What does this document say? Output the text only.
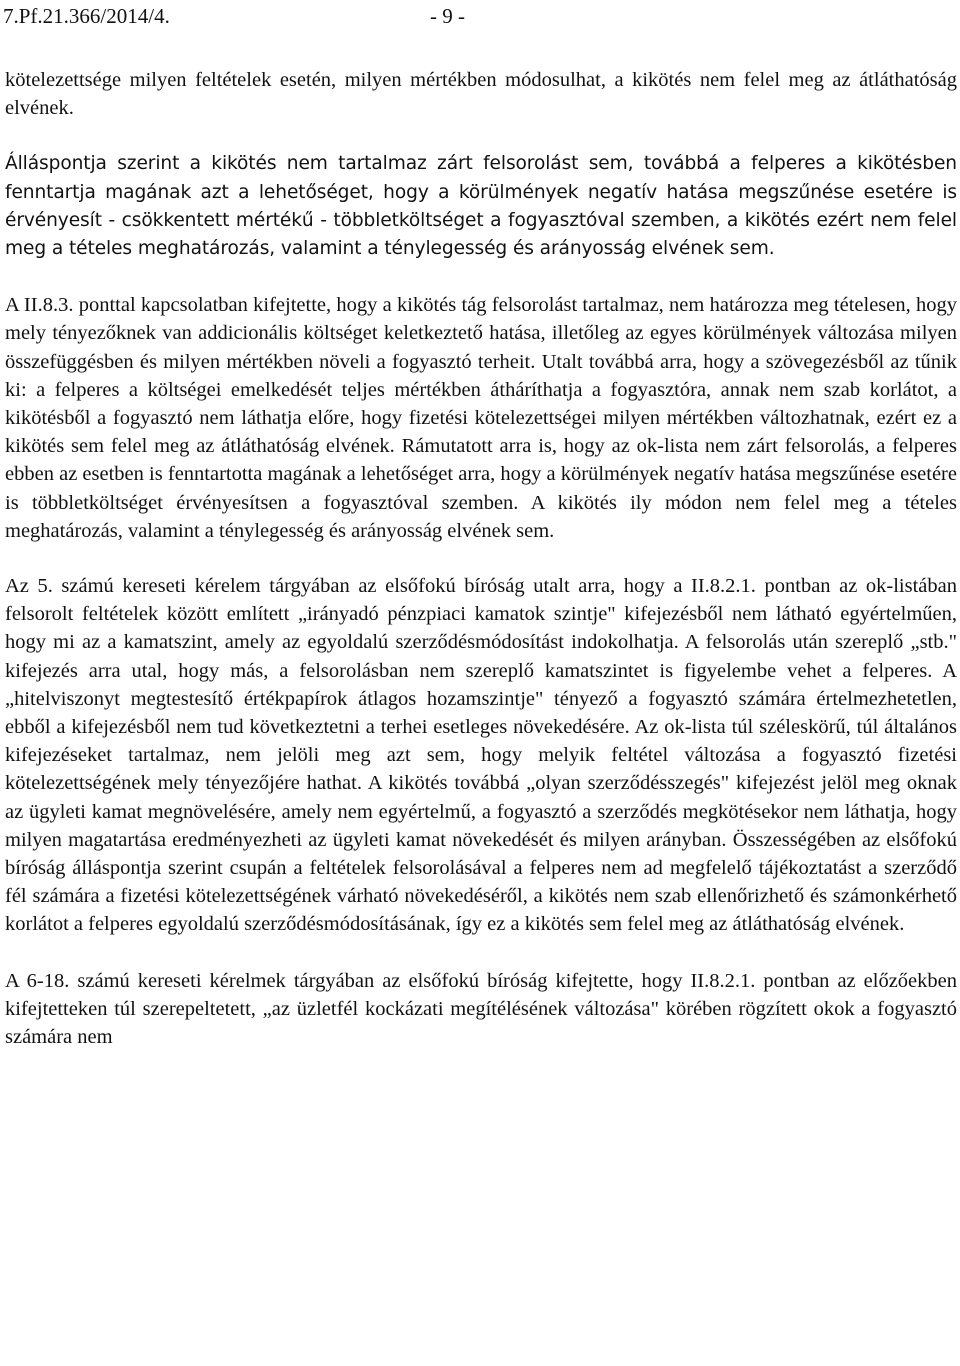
7.Pf.21.366/2014/4.	- 9 -

kötelezettsége milyen feltételek esetén, milyen mértékben módosulhat, a kikötés nem felel meg az átláthatóság elvének.

Álláspontja szerint a kikötés nem tartalmaz zárt felsorolást sem, továbbá a felperes a kikötésben fenntartja magának azt a lehetőséget, hogy a körülmények negatív hatása megszűnése esetére is érvényesít - csökkentett mértékű - többletköltséget a fogyasztóval szemben, a kikötés ezért nem felel meg a tételes meghatározás, valamint a ténylegesség és arányosság elvének sem.

A II.8.3. ponttal kapcsolatban kifejtette, hogy a kikötés tág felsorolást tartalmaz, nem határozza meg tételesen, hogy mely tényezőknek van addicionális költséget keletkeztető hatása, illetőleg az egyes körülmények változása milyen összefüggésben és milyen mértékben növeli a fogyasztó terheit. Utalt továbbá arra, hogy a szövegezésből az tűnik ki: a felperes a költségei emelkedését teljes mértékben átháríthatja a fogyasztóra, annak nem szab korlátot, a kikötésből a fogyasztó nem láthatja előre, hogy fizetési kötelezettségei milyen mértékben változhatnak, ezért ez a kikötés sem felel meg az átláthatóság elvének. Rámutatott arra is, hogy az ok-lista nem zárt felsorolás, a felperes ebben az esetben is fenntartotta magának a lehetőséget arra, hogy a körülmények negatív hatása megszűnése esetére is többletköltséget érvényesítsen a fogyasztóval szemben. A kikötés ily módon nem felel meg a tételes meghatározás, valamint a ténylegesség és arányosság elvének sem.

Az 5. számú kereseti kérelem tárgyában az elsőfokú bíróság utalt arra, hogy a II.8.2.1. pontban az ok-listában felsorolt feltételek között említett „irányadó pénzpiaci kamatok szintje" kifejezésből nem látható egyértelműen, hogy mi az a kamatszint, amely az egyoldalú szerződésmódosítást indokolhatja. A felsorolás után szereplő „stb." kifejezés arra utal, hogy más, a felsorolásban nem szereplő kamatszintet is figyelembe vehet a felperes. A „hitelviszonyt megtestesítő értékpapírok átlagos hozamszintje" tényező a fogyasztó számára értelmezhetetlen, ebből a kifejezésből nem tud következtetni a terhei esetleges növekedésére. Az ok-lista túl széleskörű, túl általános kifejezéseket tartalmaz, nem jelöli meg azt sem, hogy melyik feltétel változása a fogyasztó fizetési kötelezettségének mely tényezőjére hathat. A kikötés továbbá „olyan szerződésszegés" kifejezést jelöl meg oknak az ügyleti kamat megnövelésére, amely nem egyértelmű, a fogyasztó a szerződés megkötésekor nem láthatja, hogy milyen magatartása eredményezheti az ügyleti kamat növekedését és milyen arányban. Összességében az elsőfokú bíróság álláspontja szerint csupán a feltételek felsorolásával a felperes nem ad megfelelő tájékoztatást a szerződő fél számára a fizetési kötelezettségének várható növekedéséről, a kikötés nem szab ellenőrizhető és számonkérhető korlátot a felperes egyoldalú szerződésmódosításának, így ez a kikötés sem felel meg az átláthatóság elvének.

A 6-18. számú kereseti kérelmek tárgyában az elsőfokú bíróság kifejtette, hogy II.8.2.1. pontban az előzőekben kifejtetteken túl szerepeltetett, „az üzletfél kockázati megítélésének változása" körében rögzített okok a fogyasztó számára nem
